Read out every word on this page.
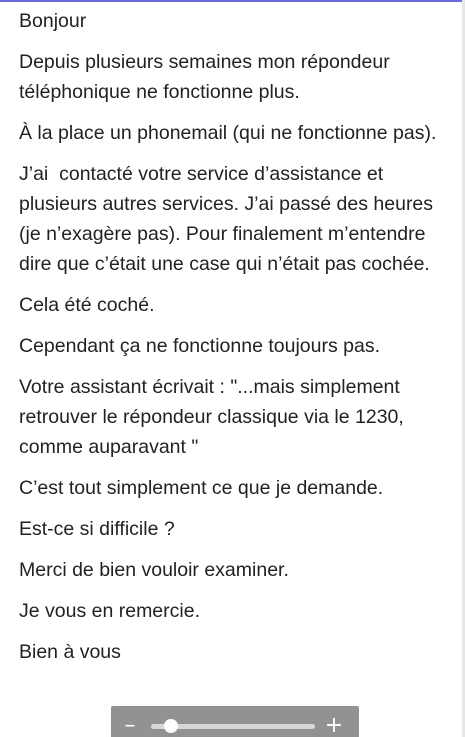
Bonjour

Depuis plusieurs semaines mon répondeur téléphonique ne fonctionne plus.

À la place un phonemail (qui ne fonctionne pas).

J’ai  contacté votre service d’assistance et plusieurs autres services. J’ai passé des heures (je n’exagère pas). Pour finalement m’entendre dire que c’était une case qui n’était pas cochée.

Cela été coché.

Cependant ça ne fonctionne toujours pas.

Votre assistant écrivait : "...mais simplement retrouver le répondeur classique via le 1230, comme auparavant "

C’est tout simplement ce que je demande.

Est-ce si difficile ?

Merci de bien vouloir examiner.

Je vous en remercie.

Bien à vous

–	+
